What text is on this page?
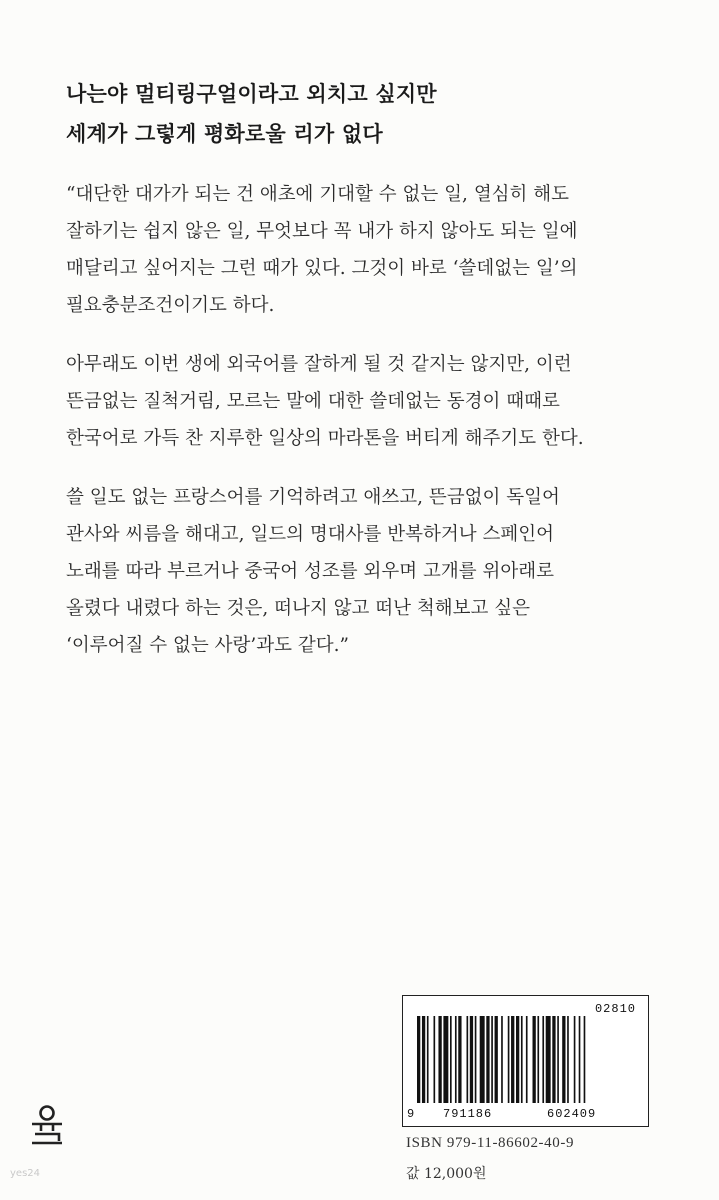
나는야 멀티링구얼이라고 외치고 싶지만
세계가 그렇게 평화로울 리가 없다

“대단한 대가가 되는 건 애초에 기대할 수 없는 일, 열심히 해도
잘하기는 쉽지 않은 일, 무엇보다 꼭 내가 하지 않아도 되는 일에
매달리고 싶어지는 그런 때가 있다. 그것이 바로 ‘쓸데없는 일’의
필요충분조건이기도 하다.

아무래도 이번 생에 외국어를 잘하게 될 것 같지는 않지만, 이런
뜬금없는 질척거림, 모르는 말에 대한 쓸데없는 동경이 때때로
한국어로 가득 찬 지루한 일상의 마라톤을 버티게 해주기도 한다.

쓸 일도 없는 프랑스어를 기억하려고 애쓰고, 뜬금없이 독일어
관사와 씨름을 해대고, 일드의 명대사를 반복하거나 스페인어
노래를 따라 부르거나 중국어 성조를 외우며 고개를 위아래로
올렸다 내렸다 하는 것은, 떠나지 않고 떠난 척해보고 싶은
‘이루어질 수 없는 사랑’과도 같다.”

02810
9 791186	602409
ISBN 979-11-86602-40-9
값 12,000원
yes24
